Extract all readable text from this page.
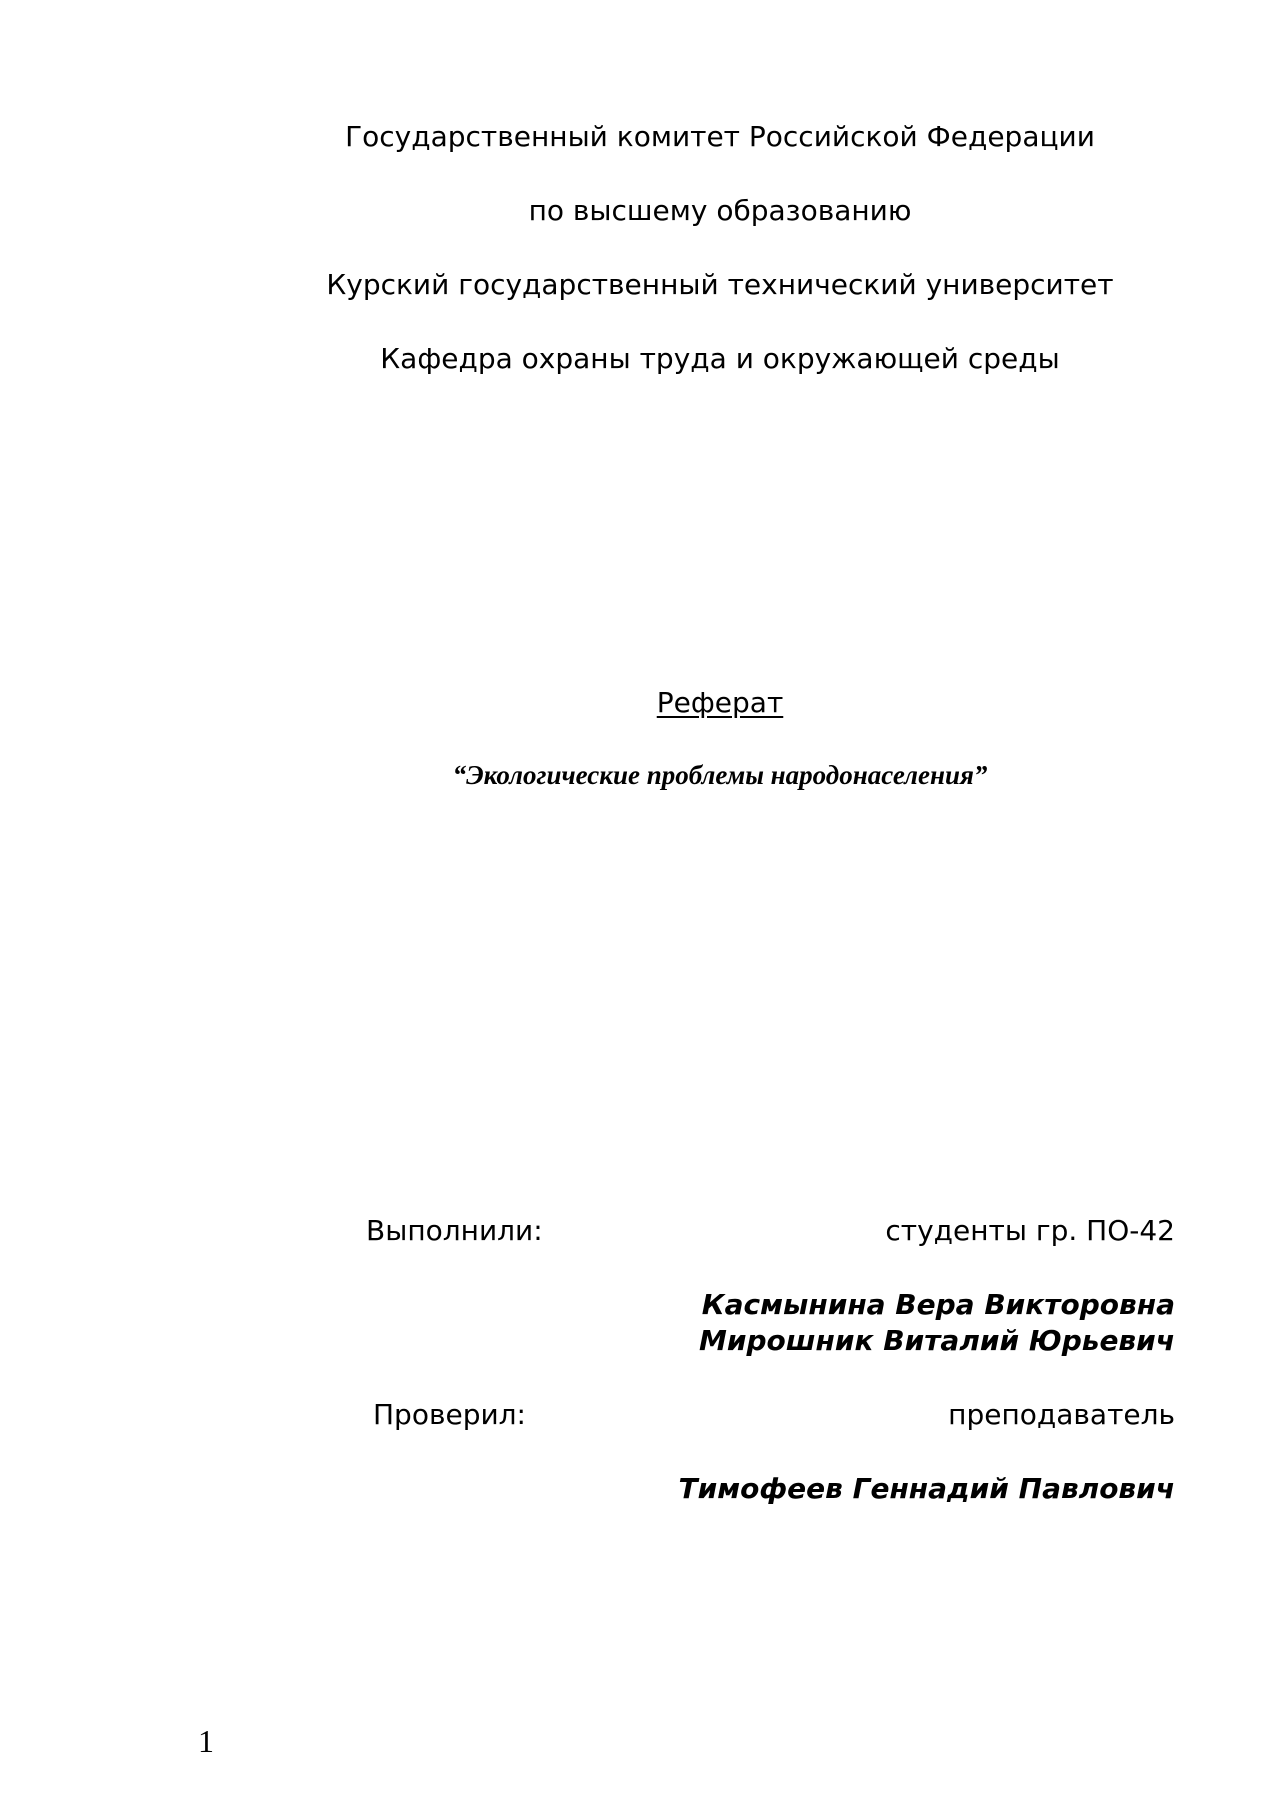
Государственный комитет Российской Федерации
по высшему образованию
Курский государственный технический университет
Кафедра охраны труда и окружающей среды
Реферат
“Экологические проблемы народонаселения”
Выполнили:	студенты гр. ПО-42
Касмынина Вера Викторовна
Мирошник Виталий Юрьевич
Проверил:	преподаватель
Тимофеев Геннадий Павлович
1
